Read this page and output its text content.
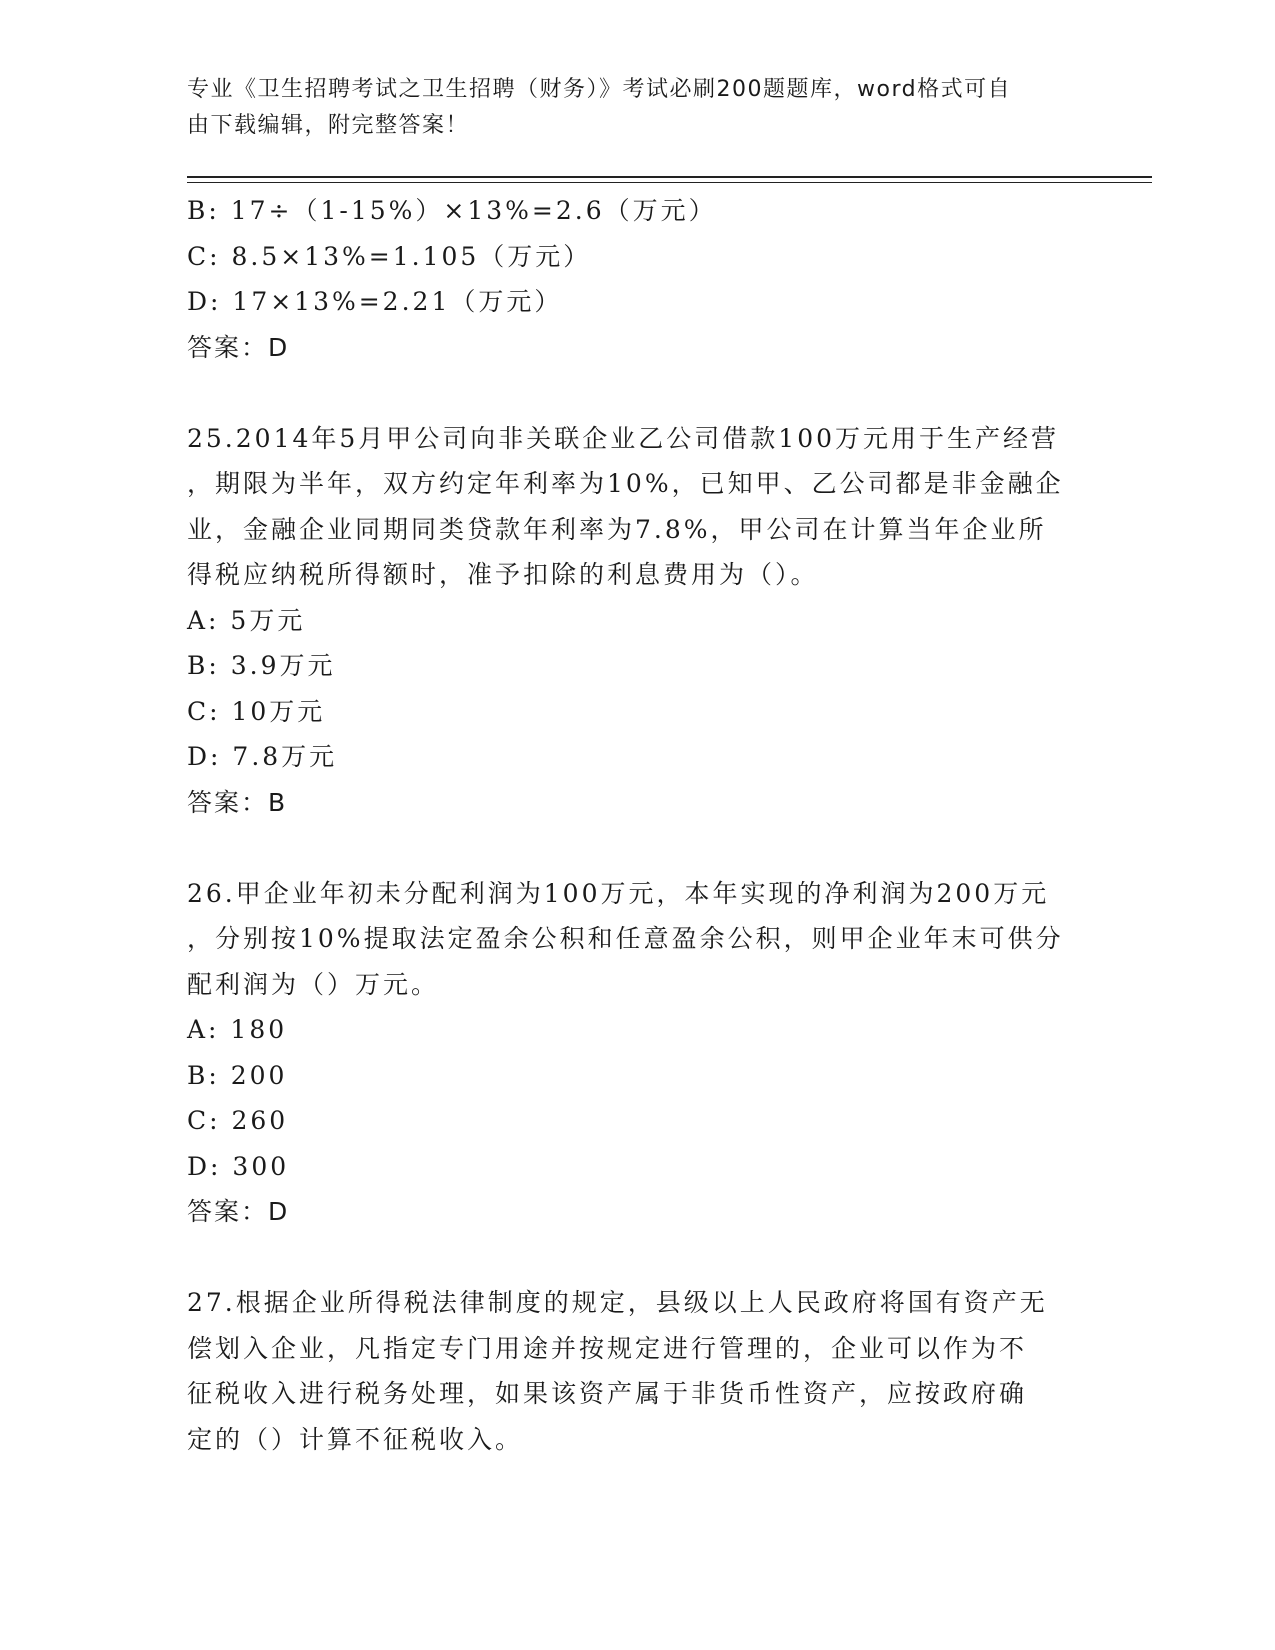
专业《卫生招聘考试之卫生招聘（财务）》考试必刷200题题库，word格式可自
由下载编辑，附完整答案！
B: 17÷（1-15%）×13%=2.6（万元）
C: 8.5×13%=1.105（万元）
D: 17×13%=2.21（万元）
答案：D
25.2014年5月甲公司向非关联企业乙公司借款100万元用于生产经营
，期限为半年，双方约定年利率为10%，已知甲、乙公司都是非金融企
业，金融企业同期同类贷款年利率为7.8%，甲公司在计算当年企业所
得税应纳税所得额时，准予扣除的利息费用为（）。
A: 5万元
B: 3.9万元
C: 10万元
D: 7.8万元
答案：B
26.甲企业年初未分配利润为100万元，本年实现的净利润为200万元
，分别按10%提取法定盈余公积和任意盈余公积，则甲企业年末可供分
配利润为（）万元。
A: 180
B: 200
C: 260
D: 300
答案：D
27.根据企业所得税法律制度的规定，县级以上人民政府将国有资产无
偿划入企业，凡指定专门用途并按规定进行管理的，企业可以作为不
征税收入进行税务处理，如果该资产属于非货币性资产，应按政府确
定的（）计算不征税收入。
